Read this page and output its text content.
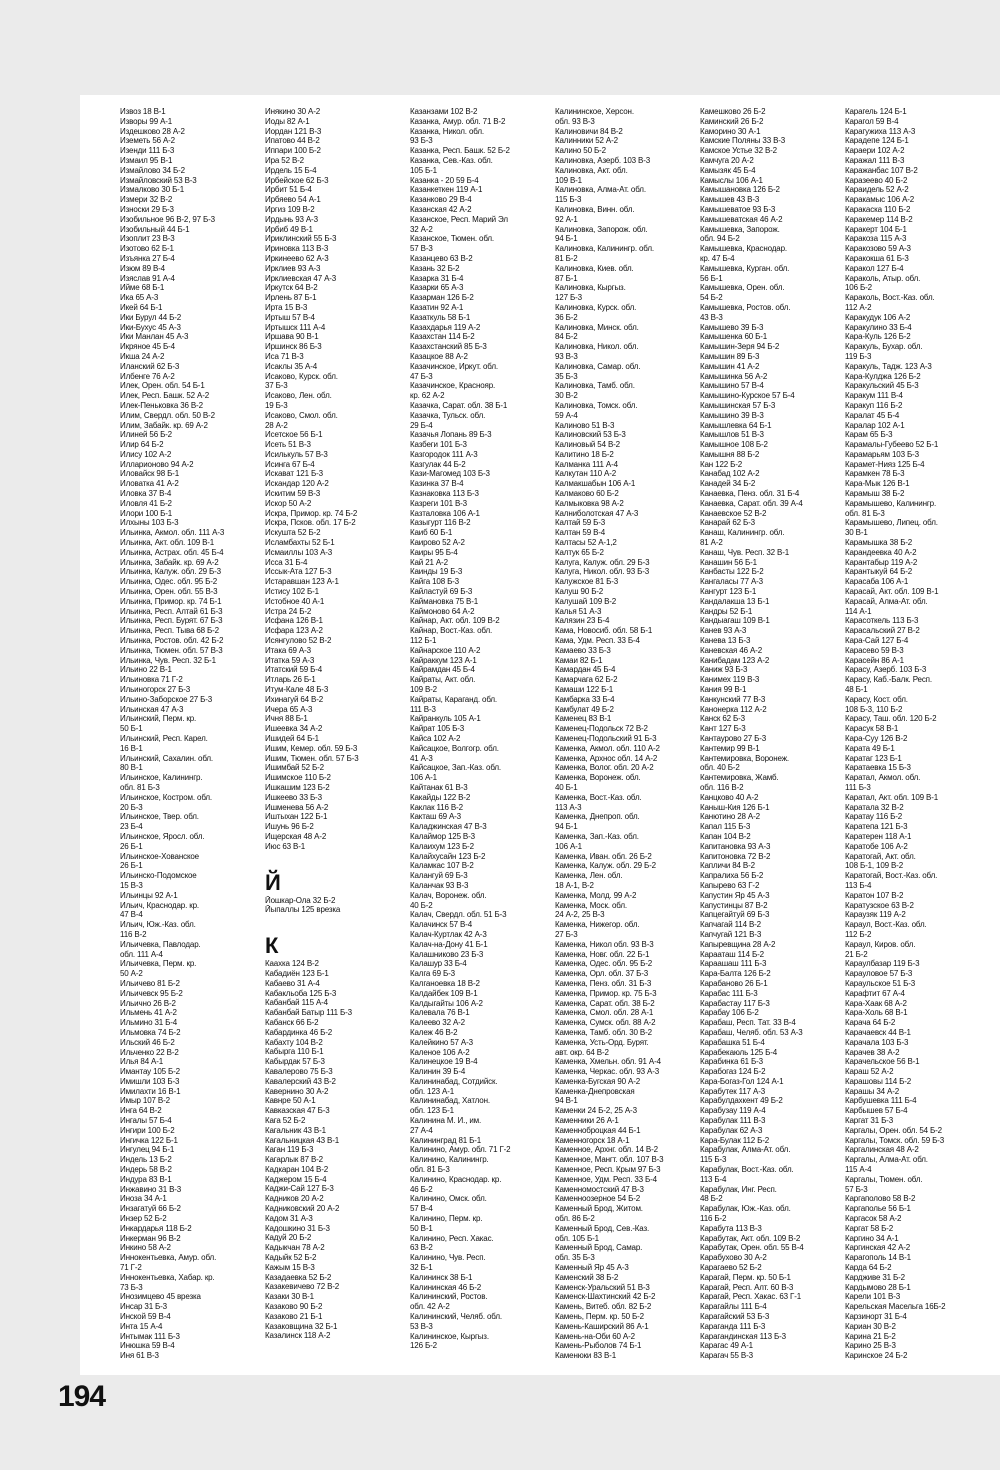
Извоз 18 В-1
Изворы 99 А-1
Издешково 28 А-2
Иземеть 56 А-2
Изенди 111 Б-3
Измаил 95 В-1
Измайлово 34 Б-2
Измайловский 53 В-3
Измалково 30 Б-1
Измери 32 В-2
Износки 29 Б-3
Изобильное 96 В-2, 97 Б-3
Изобильный 44 Б-1
Изоплит 23 В-3
Изотово 62 Б-1
Изъянка 27 Б-4
Изюм 89 В-4
Изяслав 91 А-4
Ийме 68 Б-1
Ика 65 А-3
Икей 64 Б-1
Ики Бурул 44 Б-2
Ики-Бухус 45 А-3
Ики Манлан 45 А-3
Икряное 45 Б-4
Икша 24 А-2
Иланский 62 Б-3
Илбенге 76 А-2
Илек, Орен. обл. 54 Б-1
Илек, Респ. Башк. 52 А-2
Илек-Пеньковка 36 В-2
Илим, Свердл. обл. 50 В-2
Илим, Забайк. кр. 69 А-2
Илиней 56 Б-2
Илир 64 Б-2
Илису 102 А-2
Илларионово 94 А-2
Иловайск 98 Б-1
Иловатка 41 А-2
Иловка 37 В-4
Иловля 41 Б-2
Илори 100 Б-1
Илхыны 103 Б-3
Ильинка, Акмол. обл. 111 А-3
Ильинка, Акт. обл. 109 В-1
Ильинка, Астрах. обл. 45 Б-4
Ильинка, Забайк. кр. 69 А-2
Ильинка, Калуж. обл. 29 Б-3
Ильинка, Одес. обл. 95 Б-2
Ильинка, Орен. обл. 55 В-3
Ильинка, Примор. кр. 74 Б-1
Ильинка, Респ. Алтай 61 Б-3
Ильинка, Респ. Бурят. 67 Б-3
Ильинка, Респ. Тыва 68 Б-2
Ильинка, Ростов. обл. 42 Б-2
Ильинка, Тюмен. обл. 57 В-3
Ильинка, Чув. Респ. 32 Б-1
Ильино 22 В-1
Ильиновка 71 Г-2
Ильиногорск 27 Б-3
Ильино-Заборское 27 Б-3
Ильинская 47 А-3
Ильинский, Перм. кр.
50 Б-1
Ильинский, Респ. Карел.
16 В-1
Ильинский, Сахалин. обл.
80 В-1
Ильинское, Калинингр.
обл. 81 Б-3
Ильинское, Костром. обл.
20 Б-3
Ильинское, Твер. обл.
23 Б-4
Ильинское, Яросл. обл.
26 Б-1
Ильинское-Хованское
26 Б-1
Ильинско-Подомское
15 В-3
Ильинцы 92 А-1
Ильич, Краснодар. кр.
47 В-4
Ильич, Юж.-Каз. обл.
116 В-2
Ильичевка, Павлодар.
обл. 111 А-4
Ильичевка, Перм. кр.
50 А-2
Ильичево 81 Б-2
Ильичевск 95 Б-2
Ильично 26 В-2
Ильмень 41 А-2
Ильмино 31 Б-4
Ильмовка 74 Б-2
Ильский 46 Б-2
Ильченко 22 В-2
Илья 84 А-1
Имантау 105 Б-2
Имишли 103 Б-3
Имилахти 16 В-1
Имыр 107 В-2
Инга 64 В-2
Ингалы 57 Б-4
Ингири 100 Б-2
Ингичка 122 Б-1
Ингулец 94 Б-1
Индель 13 Б-2
Индерь 58 В-2
Индура 83 В-1
Инжавино 31 В-3
Иноза 34 А-1
Инзагатуй 66 Б-2
Инзер 52 Б-2
Инкардарья 118 Б-2
Инкерман 96 В-2
Инкино 58 А-2
Иннокентьевка, Амур. обл.
71 Г-2
Иннокентьевка, Хабар. кр.
73 Б-3
Инозимцево 45 врезка
Инсар 31 Б-3
Инской 59 В-4
Инта 15 А-4
Интымак 111 Б-3
Инюшка 59 В-4
Иня 61 В-3
Инякино 30 А-2
Иоды 82 А-1
Иордан 121 В-3
Ипатово 44 В-2
Иппари 100 Б-2
Ира 52 В-2
Ирдель 15 Б-4
Ирбейское 62 Б-3
Ирбит 51 Б-4
Ирбяево 54 А-1
Иргиз 109 В-2
Ирдынь 93 А-3
Ирбиб 49 В-1
Ириклинский 55 Б-3
Ириновка 113 В-3
Иркинеево 62 А-3
Ирклиев 93 А-3
Ирклиевская 47 А-3
Иркутск 64 В-2
Ирлень 87 Б-1
Ирта 15 В-3
Иртыш 57 В-4
Иртышск 111 А-4
Иршава 90 В-1
Иршинск 86 Б-3
Иса 71 В-3
Исаклы 35 А-4
Исаково, Курск. обл.
37 Б-3
Исаково, Лен. обл.
19 Б-3
Исаково, Смол. обл.
28 А-2
Исетское 56 Б-1
Исеть 51 В-3
Исилькуль 57 В-3
Исинга 67 Б-4
Искават 121 Б-3
Искандар 120 А-2
Искитим 59 В-3
Искор 50 А-2
Искра, Примор. кр. 74 Б-2
Искра, Псков. обл. 17 Б-2
Искушта 52 Б-2
Исламбахты 52 Б-1
Исмаиллы 103 А-3
Исса 31 Б-4
Иссык-Ата 127 Б-3
Истаравшан 123 А-1
Истису 102 Б-1
Истобное 40 А-1
Истра 24 Б-2
Исфана 126 В-1
Исфара 123 А-2
Исянгулово 52 В-2
Итака 69 А-3
Итатка 59 А-3
Итатский 59 Б-4
Итларь 26 Б-1
Итум-Кале 48 Б-3
Ихинагуй 64 В-2
Ичера 65 А-3
Ичня 88 Б-1
Ишеевка 34 А-2
Ишидей 64 Б-1
Ишим, Кемер. обл. 59 Б-3
Ишим, Тюмен. обл. 57 Б-3
Ишимбай 52 Б-2
Ишимское 110 Б-2
Ишкашим 123 Б-2
Ишкеево 33 Б-3
Ишменева 56 А-2
Иштыхан 122 Б-1
Ишунь 96 Б-2
Ищерская 48 А-2
Июс 63 В-1
Й
Йошкар-Ола 32 Б-2
Йыпаллы 125 врезка
К
Каахка 124 В-2
Кабадиён 123 Б-1
Кабаево 31 А-4
Кабакльоба 125 Б-3
Кабанбай 115 А-4
Кабанбай Батыр 111 Б-3
Кабанск 66 Б-2
Кабардинка 46 Б-2
Кабахту 104 В-2
Кабырга 110 Б-1
Кабырдак 57 Б-3
Кавалерово 75 Б-3
Кавалерский 43 В-2
Кавернино 30 А-2
Кавнре 50 А-1
Кавказская 47 Б-3
Кага 52 Б-2
Кагальник 43 В-1
Кагальницкая 43 В-1
Каган 119 Б-3
Кагарлык 87 В-2
Кадкаран 104 В-2
Каджером 15 Б-4
Каджи-Сай 127 Б-3
Кадников 20 А-2
Кадниковский 20 А-2
Кадом 31 А-3
Кадошкино 31 Б-3
Кадуй 20 Б-2
Кадыкчан 78 А-2
Кадыйк 52 Б-2
Кажым 15 В-3
Казадаевка 52 Б-2
Казакевичево 72 В-2
Казаки 30 В-1
Казаково 90 Б-2
Казаково 21 Б-1
Казаковщина 32 Б-1
Казалинск 118 А-2
Казанзами 102 В-2
Казанка, Амур. обл. 71 В-2
Казанка, Никол. обл.
93 Б-3
Казанка, Респ. Башк. 52 Б-2
Казанка, Сев.-Каз. обл.
105 Б-1
Казанка - 20 59 Б-4
Казанкеткен 119 А-1
Казанково 29 В-4
Казанская 42 А-2
Казанское, Респ. Марий Эл
32 А-2
Казанское, Тюмен. обл.
57 В-3
Казанцево 63 В-2
Казань 32 Б-2
Казарка 31 Б-4
Казарки 65 А-3
Казарман 126 Б-2
Казатин 92 А-1
Казаткуль 58 Б-1
Казахдарья 119 А-2
Казахстан 114 Б-2
Казахстанский 85 Б-3
Казацкое 88 А-2
Казачинское, Иркут. обл.
47 Б-3
Казачинское, Краснояр.
кр. 62 А-2
Казачка, Сарат. обл. 38 Б-1
Казачка, Тульск. обл.
29 Б-4
Казачья Лопань 89 Б-3
Казбеги 101 Б-3
Казгородок 111 А-3
Казгулак 44 Б-2
Кази-Магомед 103 Б-3
Казинка 37 В-4
Казнаковка 113 Б-3
Казреги 101 В-3
Казталовка 106 А-1
Казыгурт 116 В-2
Каиб 60 Б-1
Каирово 52 А-2
Каиры 95 Б-4
Кай 21 А-2
Каинды 19 Б-3
Кайга 108 Б-3
Кайластуй 69 Б-3
Каймановка 75 В-1
Каймоново 64 А-2
Кайнар, Акт. обл. 109 В-2
Кайнар, Вост.-Каз. обл.
112 Б-1
Кайнарское 110 А-2
Кайраккум 123 А-1
Кайрамдан 45 Б-4
Кайраты, Акт. обл.
109 В-2
Кайраты, Караганд. обл.
111 В-3
Кайранкуль 105 А-1
Кайрат 105 Б-3
Кайса 102 А-2
Кайсацкое, Волгогр. обл.
41 А-3
Кайсацкое, Зап.-Каз. обл.
106 А-1
Кайтанак 61 В-3
Какайды 122 В-2
Каклак 116 В-2
Какташ 69 А-3
Каладжинская 47 В-3
Калаймор 125 В-3
Калаихум 123 Б-2
Калайхусайн 123 Б-2
Каламкас 107 В-2
Калангуй 69 Б-3
Каланчак 93 В-3
Калач, Воронеж. обл.
40 Б-2
Калач, Свердл. обл. 51 Б-3
Калачинск 57 В-4
Калач-Куртлак 42 А-3
Калач-на-Дону 41 Б-1
Калашниково 23 Б-3
Калашур 33 Б-4
Калга 69 Б-3
Калганоевка 18 В-2
Калдайбек 109 В-1
Калдыгайты 106 А-2
Калевала 76 В-1
Калеево 32 А-2
Калеж 46 В-2
Калейкино 57 А-3
Каленое 106 А-2
Калинецкое 19 В-4
Калинин 39 Б-4
Калининабад, Сотдийск.
обл. 123 А-1
Калининабад, Хатлон.
обл. 123 Б-1
Калинина М. И., им.
27 А-4
Калининград 81 Б-1
Калинино, Амур. обл. 71 Г-2
Калинино, Калинингр.
обл. 81 Б-3
Калинино, Краснодар. кр.
46 Б-2
Калинино, Омск. обл.
57 В-4
Калинино, Перм. кр.
50 В-1
Калинино, Респ. Хакас.
63 В-2
Калинино, Чув. Респ.
32 Б-1
Калининск 38 Б-1
Калининская 46 Б-2
Калининский, Ростов.
обл. 42 А-2
Калининский, Челяб. обл.
53 В-3
Калининское, Кыргыз.
126 Б-2
Калининское, Херсон.
обл. 93 В-3
Калиновичи 84 В-2
Калинники 52 А-2
Калино 50 Б-2
Калиновка, Азерб. 103 В-3
Калиновка, Акт. обл.
109 В-1
Калиновка, Алма-Ат. обл.
115 Б-3
Калиновка, Винн. обл.
92 А-1
Калиновка, Запорож. обл.
94 Б-1
Калиновка, Калинингр. обл.
81 Б-2
Калиновка, Киев. обл.
87 Б-1
Калиновка, Кыргыз.
127 Б-3
Калиновка, Курск. обл.
36 Б-2
Калиновка, Минск. обл.
84 Б-2
Калиновка, Никол. обл.
93 В-3
Калиновка, Самар. обл.
35 Б-3
Калиновка, Тамб. обл.
30 В-2
Калиновка, Томск. обл.
59 А-4
Калиново 51 В-3
Калиновский 53 Б-3
Калиновый 54 В-2
Калитино 18 Б-2
Калманка 111 А-4
Калкутан 110 А-2
Калмакшабын 106 А-1
Калмаково 60 Б-2
Калмыковка 98 А-2
Калниболотская 47 А-3
Калтай 59 Б-3
Калтан 59 В-4
Калтасы 52 А-1,2
Калтук 65 Б-2
Калуга, Калуж. обл. 29 Б-3
Калуга, Никол. обл. 93 Б-3
Калужское 81 Б-3
Калуш 90 Б-2
Калушай 109 В-2
Калья 51 А-3
Калязин 23 Б-4
Кама, Новосиб. обл. 58 Б-1
Кама, Удм. Респ. 33 Б-4
Камаево 33 Б-3
Камаи 82 Б-1
Камардан 45 Б-4
Камарчага 62 Б-2
Камаши 122 Б-1
Камбарка 33 Б-4
Камбулат 49 Б-2
Каменец 83 В-1
Каменец-Подольск 72 В-2
Каменец-Подольский 91 Б-3
Каменка, Акмол. обл. 110 А-2
Каменка, Архнос обл. 14 А-2
Каменка, Волог. обл. 20 А-2
Каменка, Воронеж. обл.
40 Б-1
Каменка, Вост.-Каз. обл.
113 А-3
Каменка, Днепроп. обл.
94 Б-1
Каменка, Зап.-Каз. обл.
106 А-1
Каменка, Иван. обл. 26 Б-2
Каменка, Калуж. обл. 29 Б-2
Каменка, Лен. обл.
18 А-1, В-2
Каменка, Молд. 99 А-2
Каменка, Моск. обл.
24 А-2, 25 В-3
Каменка, Нижегор. обл.
27 Б-3
Каменка, Никол обл. 93 В-3
Каменка, Новг. обл. 22 Б-1
Каменка, Одес. обл. 95 Б-2
Каменка, Орл. обл. 37 Б-3
Каменка, Пенз. обл. 31 Б-3
Каменка, Примор. кр. 75 Б-3
Каменка, Сарат. обл. 38 Б-2
Каменка, Смол. обл. 28 А-1
Каменка, Сумск. обл. 88 А-2
Каменка, Тамб. обл. 30 В-2
Каменка, Усть-Орд. Бурят.
авт. окр. 64 В-2
Каменка, Хмельн. обл. 91 А-4
Каменка, Черкас. обл. 93 А-3
Каменка-Бугская 90 А-2
Каменка-Днепровская
94 В-1
Каменки 24 Б-2, 25 А-3
Каменники 26 А-1
Каменноброцкая 44 Б-1
Каменногорск 18 А-1
Каменное, Архнг. обл. 14 В-2
Каменное, Мангт. обл. 107 В-3
Каменное, Респ. Крым 97 Б-3
Каменное, Удм. Респ. 33 Б-4
Каменномостский 47 В-3
Каменноозерное 54 Б-2
Каменный Брод, Житом.
обл. 86 Б-2
Каменный Брод, Сев.-Каз.
обл. 105 Б-1
Каменный Брод, Самар.
обл. 35 Б-3
Каменный Яр 45 А-3
Каменский 38 Б-2
Каменск-Уральский 51 В-3
Каменск-Шахтинский 42 Б-2
Камень, Витеб. обл. 82 Б-2
Камень, Перм. кр. 50 Б-2
Камень-Каширский 86 А-1
Камень-на-Оби 60 А-2
Камень-Рыболов 74 Б-1
Каменюки 83 В-1
Камешково 26 Б-2
Каминский 26 Б-2
Каморино 30 А-1
Камские Поляны 33 В-3
Камское Устье 32 В-2
Камчуга 20 А-2
Камызяк 45 Б-4
Камыслы 106 А-1
Камышановка 126 Б-2
Камышев 43 В-3
Камышеватое 93 Б-3
Камышеватская 46 А-2
Камышевка, Запорож.
обл. 94 Б-2
Камышевка, Краснодар.
кр. 47 Б-4
Камышевка, Курган. обл.
56 Б-1
Камышевка, Орен. обл.
54 Б-2
Камышевка, Ростов. обл.
43 В-3
Камышево 39 Б-3
Камышенка 60 Б-1
Камышин-Зеря 94 Б-2
Камышин 89 Б-3
Камышин 41 А-2
Камышинка 56 А-2
Камышино 57 В-4
Камышино-Курское 57 Б-4
Камышинская 57 Б-3
Камышино 39 В-3
Камышлевка 64 Б-1
Камышлов 51 В-3
Камышное 108 Б-2
Камышня 88 Б-2
Кан 122 Б-2
Канабад 102 А-2
Канадей 34 Б-2
Канаевка, Пенз. обл. 31 Б-4
Канаевка, Сарат. обл. 39 А-4
Канаевское 52 В-2
Канарай 62 Б-3
Канаш, Калинингр. обл.
81 А-2
Канаш, Чув. Респ. 32 В-1
Канашин 56 Б-1
Канбасты 122 Б-2
Кангаласы 77 А-3
Кангурт 123 Б-1
Кандалакша 13 Б-1
Кандры 52 Б-1
Кандыагаш 109 В-1
Канев 93 А-3
Канева 13 Б-3
Каневская 46 А-2
Канибадам 123 А-2
Каниж 93 Б-3
Канимех 119 В-3
Кания 99 В-1
Канкунский 77 В-3
Канонерка 112 А-2
Канск 62 Б-3
Кант 127 Б-3
Кантаурово 27 Б-3
Кантемир 99 В-1
Кантемировка, Воронеж.
обл. 40 Б-2
Кантемировка, Жамб.
обл. 116 В-2
Канцково 40 А-2
Каныш-Кия 126 Б-1
Канютино 28 А-2
Капал 115 Б-3
Капан 104 В-2
Капитановка 93 А-3
Капитоновка 72 В-2
Капличи 84 В-2
Капралиха 56 Б-2
Капырево 63 Г-2
Капустин Яр 45 А-3
Капустинцы 87 В-2
Капцегайтуй 69 Б-3
Капчагай 114 В-2
Капчугай 121 В-3
Капыревщина 28 А-2
Карааташ 114 Б-2
Караашаш 111 Б-3
Кара-Балта 126 Б-2
Карабаново 26 Б-1
Карабас 111 Б-3
Карабастау 117 Б-3
Карабау 106 Б-2
Карабаш, Респ. Тат. 33 В-4
Карабаш, Челяб. обл. 53 А-3
Карабашка 51 Б-4
Карабекаюль 125 Б-4
Карабинка 61 Б-3
Карабогаз 124 Б-2
Кара-Богаз-Гол 124 А-1
Карабутек 117 А-3
Карабулдахкент 49 Б-2
Карабузау 119 А-4
Карабулак 111 В-3
Карабулак 62 А-3
Кара-Булак 112 Б-2
Карабулак, Алма-Ат. обл.
115 Б-3
Карабулак, Вост.-Каз. обл.
113 Б-4
Карабулак, Инг. Респ.
48 Б-2
Карабулак, Юж.-Каз. обл.
116 Б-2
Карабута 113 В-3
Карабутак, Акт. обл. 109 В-2
Карабутак, Орен. обл. 55 В-4
Карабухово 30 А-2
Карагаево 52 Б-2
Карагай, Перм. кр. 50 Б-1
Карагай, Респ. Алт. 60 В-3
Карагай, Респ. Хакас. 63 Г-1
Карагайлы 111 Б-4
Карагайский 53 Б-3
Караганда 111 Б-3
Карагандинская 113 Б-3
Карагас 49 А-1
Карагач 55 В-3
Карагель 124 Б-1
Карагол 59 В-4
Карагужиха 113 А-3
Карадепе 124 Б-1
Караери 102 А-2
Каражал 111 В-3
Каражанбас 107 В-2
Каразеево 40 Б-2
Караидель 52 А-2
Каракамыс 106 А-2
Каракаска 110 Б-2
Каракемер 114 В-2
Каракерт 104 Б-1
Каракоза 115 А-3
Каракозово 59 А-3
Каракокша 61 Б-3
Каракол 127 Б-4
Караколь, Атыр. обл.
106 Б-2
Караколь, Вост.-Каз. обл.
112 А-2
Каракудук 106 А-2
Каракулино 33 Б-4
Кара-Куль 126 Б-2
Каракуль, Бухар. обл.
119 Б-3
Каракуль, Тадж. 123 А-3
Кара-Кулджа 126 Б-2
Каракульский 45 Б-3
Каракум 111 В-4
Каракуп 116 Б-2
Каралат 45 Б-4
Каралар 102 А-1
Карам 65 Б-3
Карамалы-Губеево 52 Б-1
Карамарьям 103 Б-3
Карамет-Нияз 125 Б-4
Карамкен 78 Б-3
Кара-Мык 126 В-1
Карамыш 38 Б-2
Карамышево, Калинингр.
обл. 81 Б-3
Карамышево, Липец. обл.
30 В-1
Карамышка 38 Б-2
Карандеевка 40 А-2
Карантабыр 119 А-2
Карантыкуй 64 Б-2
Карасаба 106 А-1
Карасай, Акт. обл. 109 В-1
Карасай, Алма-Ат. обл.
114 А-1
Карасоткель 113 Б-3
Карасальский 27 В-2
Кара-Сай 127 Б-4
Карасево 59 В-3
Карасейн 86 А-1
Карасу, Азерб. 103 Б-3
Карасу, Каб.-Балк. Респ.
48 Б-1
Карасу, Кост. обл.
108 Б-3, 110 Б-2
Карасу, Таш. обл. 120 Б-2
Карасук 58 В-1
Кара-Суу 126 В-2
Карата 49 Б-1
Каратаг 123 Б-1
Каратаевка 15 Б-3
Каратал, Акмол. обл.
111 Б-3
Каратал, Акт. обл. 109 В-1
Каратала 32 В-2
Каратау 116 Б-2
Каратепа 121 Б-3
Каратерен 118 А-1
Каратобе 106 А-2
Каратогай, Акт. обл.
108 Б-1, 109 В-2
Каратогай, Вост.-Каз. обл.
113 Б-4
Каратон 107 В-2
Каратузское 63 В-2
Караузяк 119 А-2
Караул, Вост.-Каз. обл.
112 Б-2
Караул, Киров. обл.
21 Б-2
Караулбазар 119 Б-3
Карауловое 57 Б-3
Караульское 51 Б-3
Карафтит 67 А-4
Кара-Хаак 68 А-2
Кара-Холь 68 В-1
Карача 64 Б-2
Карачаевск 44 В-1
Карачала 103 Б-3
Карачев 38 А-2
Карачельское 56 В-1
Караш 52 А-2
Карашовы 114 Б-2
Карашы 34 А-2
Карбушевка 111 Б-4
Карбышев 57 Б-4
Каргат 31 Б-3
Каргалы, Орен. обл. 54 Б-2
Каргалы, Томск. обл. 59 Б-3
Каргалинская 48 А-2
Каргалы, Алма-Ат. обл.
115 А-4
Каргалы, Тюмен. обл.
57 Б-3
Каргаполово 58 В-2
Каргаполье 56 Б-1
Каргасок 58 А-2
Каргат 58 Б-2
Каргино 34 А-1
Каргинская 42 А-2
Карагополь 14 В-1
Карда 64 Б-2
Кардживе 31 Б-2
Кардымово 28 Б-1
Карели 101 В-3
Карельская Масельга 16Б-2
Карзинорт 31 Б-4
Кариан 30 В-2
Карина 21 Б-2
Карино 25 В-3
Каринское 24 Б-2
194
